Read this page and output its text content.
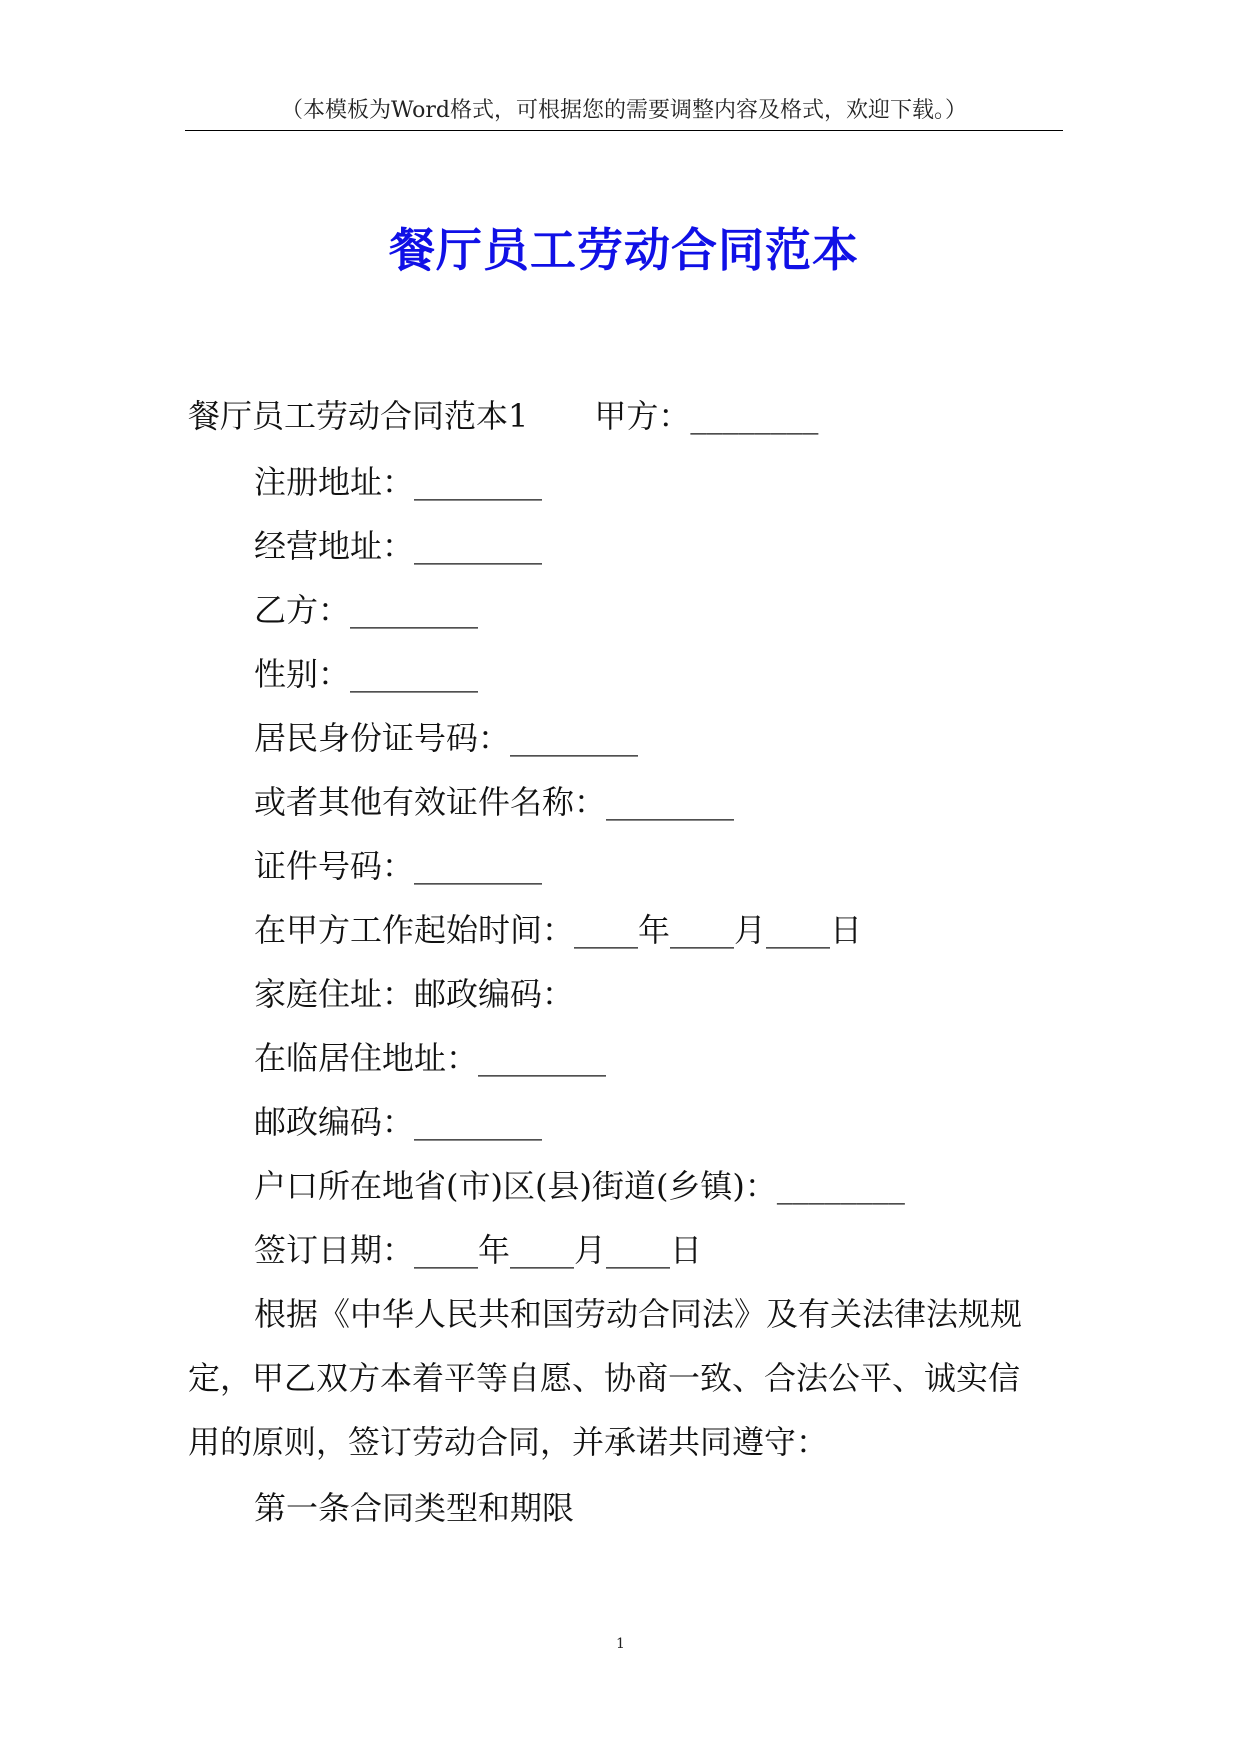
（本模板为Word格式，可根据您的需要调整内容及格式，欢迎下载。）
餐厅员工劳动合同范本
餐厅员工劳动合同范本1 甲方：________
注册地址：________
经营地址：________
乙方：________
性别：________
居民身份证号码：________
或者其他有效证件名称：________
证件号码：________
在甲方工作起始时间：____年____月____日
家庭住址：邮政编码：
在临居住地址：________
邮政编码：________
户口所在地省(市)区(县)街道(乡镇)：________
签订日期：____年____月____日
根据《中华人民共和国劳动合同法》及有关法律法规规
定，甲乙双方本着平等自愿、协商一致、合法公平、诚实信
用的原则，签订劳动合同，并承诺共同遵守：
第一条合同类型和期限
1
